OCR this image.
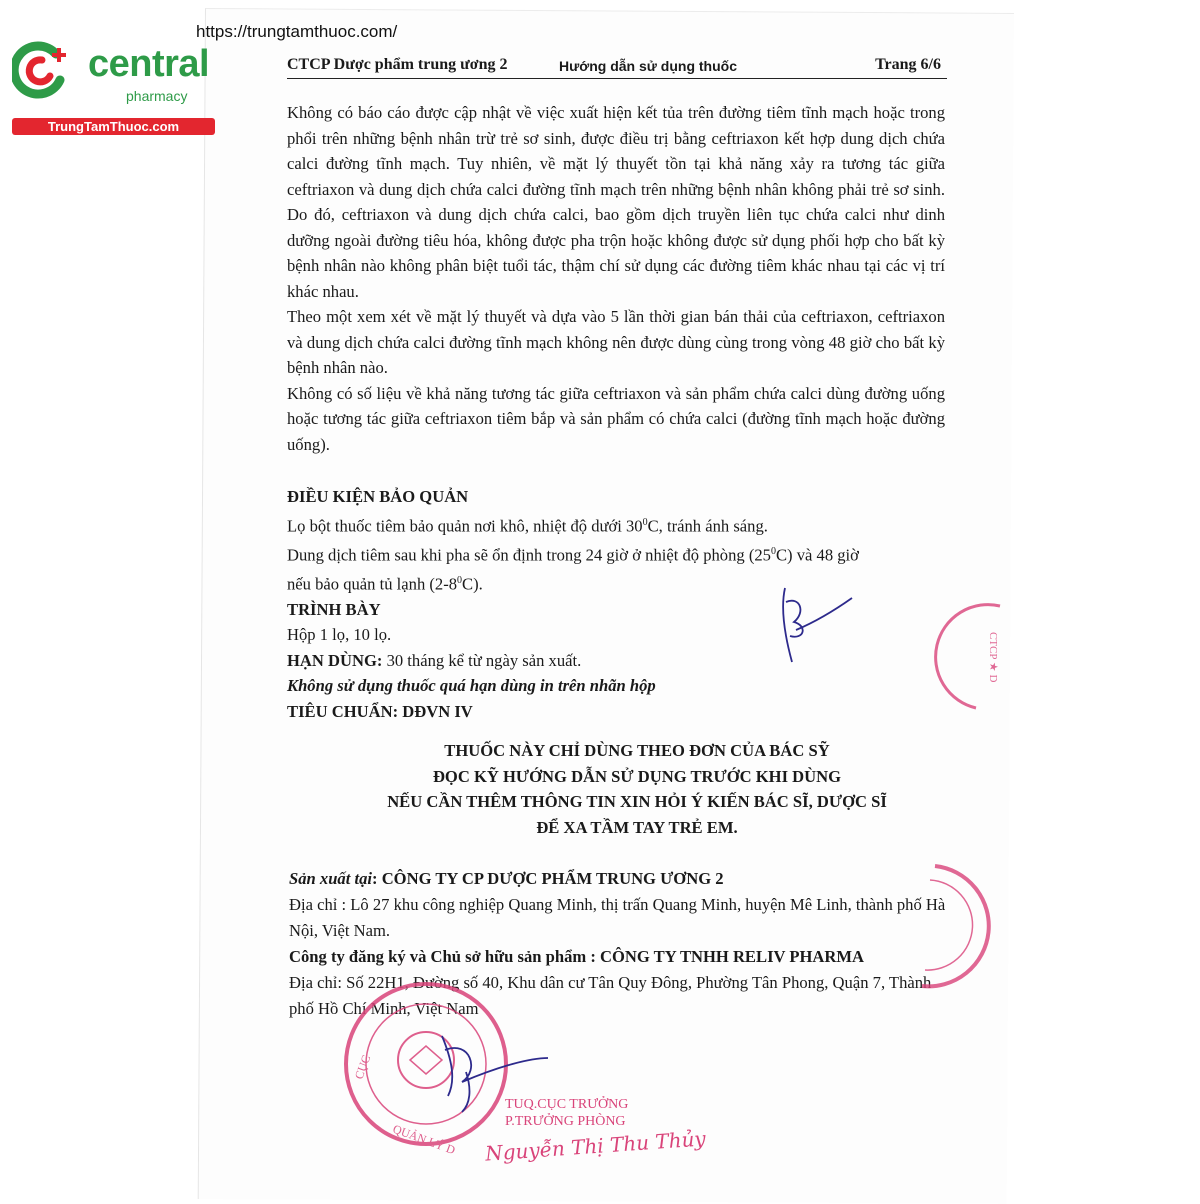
https://trungtamthuoc.com/
central
pharmacy
TrungTamThuoc.com
CTCP Dược phẩm trung ương 2	Hướng dẫn sử dụng thuốc	Trang 6/6

Không có báo cáo được cập nhật về việc xuất hiện kết tủa trên đường tiêm tĩnh mạch hoặc trong phổi trên những bệnh nhân trừ trẻ sơ sinh, được điều trị bằng ceftriaxon kết hợp dung dịch chứa calci đường tĩnh mạch. Tuy nhiên, về mặt lý thuyết tồn tại khả năng xảy ra tương tác giữa ceftriaxon và dung dịch chứa calci đường tĩnh mạch trên những bệnh nhân không phải trẻ sơ sinh. Do đó, ceftriaxon và dung dịch chứa calci, bao gồm dịch truyền liên tục chứa calci như dinh dưỡng ngoài đường tiêu hóa, không được pha trộn hoặc không được sử dụng phối hợp cho bất kỳ bệnh nhân nào không phân biệt tuổi tác, thậm chí sử dụng các đường tiêm khác nhau tại các vị trí khác nhau.

Theo một xem xét về mặt lý thuyết và dựa vào 5 lần thời gian bán thải của ceftriaxon, ceftriaxon và dung dịch chứa calci đường tĩnh mạch không nên được dùng cùng trong vòng 48 giờ cho bất kỳ bệnh nhân nào.

Không có số liệu về khả năng tương tác giữa ceftriaxon và sản phẩm chứa calci dùng đường uống hoặc tương tác giữa ceftriaxon tiêm bắp và sản phẩm có chứa calci (đường tĩnh mạch hoặc đường uống).

ĐIỀU KIỆN BẢO QUẢN
Lọ bột thuốc tiêm bảo quản nơi khô, nhiệt độ dưới $30^0C$, tránh ánh sáng.
Dung dịch tiêm sau khi pha sẽ ổn định trong 24 giờ ở nhiệt độ phòng $(25^0C)$ và 48 giờ
nếu bảo quản tủ lạnh $(2-8^0C)$.
TRÌNH BÀY
Hộp 1 lọ, 10 lọ.
HẠN DÙNG: 30 tháng kể từ ngày sản xuất.
Không sử dụng thuốc quá hạn dùng in trên nhãn hộp
TIÊU CHUẨN: DĐVN IV
THUỐC NÀY CHỈ DÙNG THEO ĐƠN CỦA BÁC SỸ
ĐỌC KỸ HƯỚNG DẪN SỬ DỤNG TRƯỚC KHI DÙNG
NẾU CẦN THÊM THÔNG TIN XIN HỎI Ý KIẾN BÁC SĨ, DƯỢC SĨ
ĐỂ XA TẦM TAY TRẺ EM.

Sản xuất tại: CÔNG TY CP DƯỢC PHẨM TRUNG ƯƠNG 2

Địa chỉ : Lô 27 khu công nghiệp Quang Minh, thị trấn Quang Minh, huyện Mê Linh, thành phố Hà Nội, Việt Nam.

Công ty đăng ký và Chủ sở hữu sản phẩm : CÔNG TY TNHH RELIV PHARMA

Địa chỉ: Số 22H1, Đường số 40, Khu dân cư Tân Quy Đông, Phường Tân Phong, Quận 7, Thành phố Hồ Chí Minh, Việt Nam

TUQ.CỤC TRƯỞNG
P.TRƯỞNG PHÒNG
Nguyễn Thị Thu Thủy
CỤC
QUẢN LÝ D
CTCP ★ D
